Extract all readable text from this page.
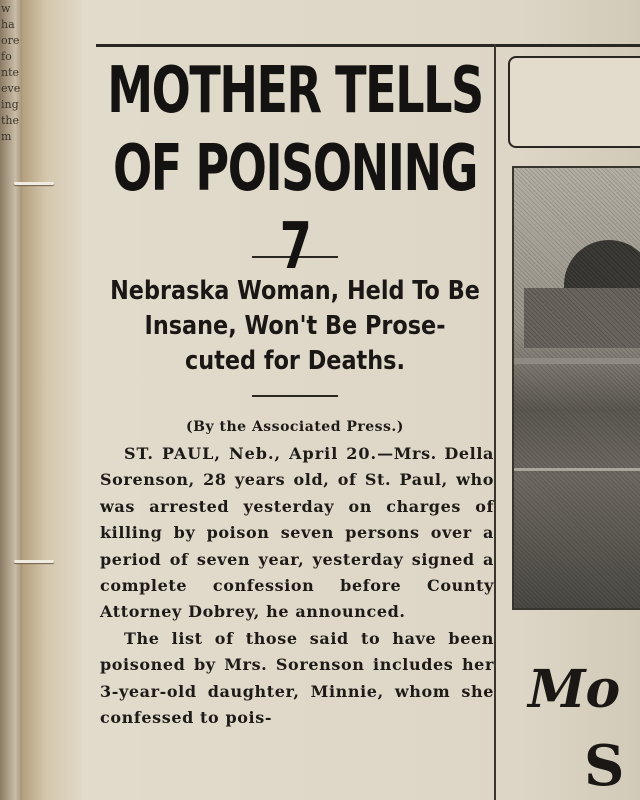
w
ha
ore
fo
nte
eve
ing
the
m
MOTHER TELLS
OF POISONING 7
Nebraska Woman, Held To Be
Insane, Won't Be Prose-
cuted for Deaths.
(By the Associated Press.)

ST. PAUL, Neb., April 20.—Mrs. Della Sorenson, 28 years old, of St. Paul, who was arrested yesterday on charges of killing by poison seven persons over a period of seven year, yesterday signed a complete confession before County Attorney Dobrey, he announced.

The list of those said to have been poisoned by Mrs. Sorenson includes her 3-year-old daughter, Minnie, whom she confessed to pois-	Mo
S
